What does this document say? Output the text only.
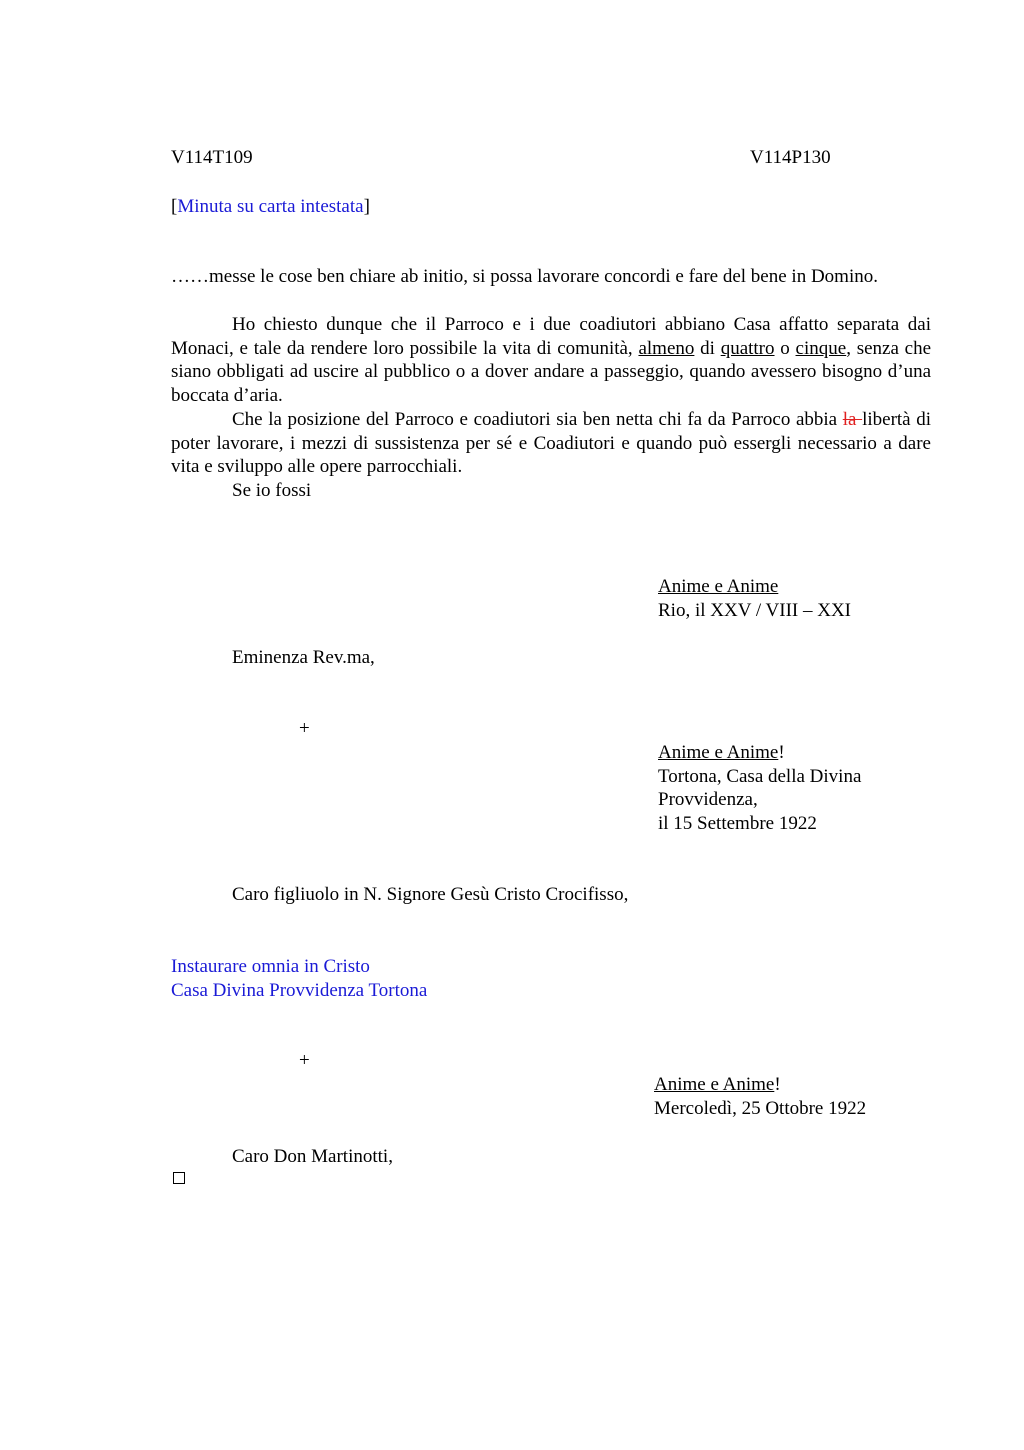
V114T109	V114P130
[Minuta su carta intestata]
……messe le cose ben chiare ab initio, si possa lavorare concordi e fare del bene in Domino.
Ho chiesto dunque che il Parroco e i due coadiutori abbiano Casa affatto separata dai Monaci, e tale da rendere loro possibile la vita di comunità, almeno di quattro o cinque, senza che siano obbligati ad uscire al pubblico o a dover andare a passeggio, quando avessero bisogno d’una boccata d’aria.
Che la posizione del Parroco e coadiutori sia ben netta chi fa da Parroco abbia la libertà di poter lavorare, i mezzi di sussistenza per sé e Coadiutori e quando può essergli necessario a dare vita e sviluppo alle opere parrocchiali.
Se io fossi
Anime e Anime
Rio, il XXV / VIII – XXI
Eminenza Rev.ma,
+
Anime e Anime!
Tortona, Casa della Divina
Provvidenza,
il 15 Settembre 1922
Caro figliuolo in N. Signore Gesù Cristo Crocifisso,
Instaurare omnia in Cristo
Casa Divina Provvidenza Tortona
+
Anime e Anime!
Mercoledì, 25 Ottobre 1922
Caro Don Martinotti,
